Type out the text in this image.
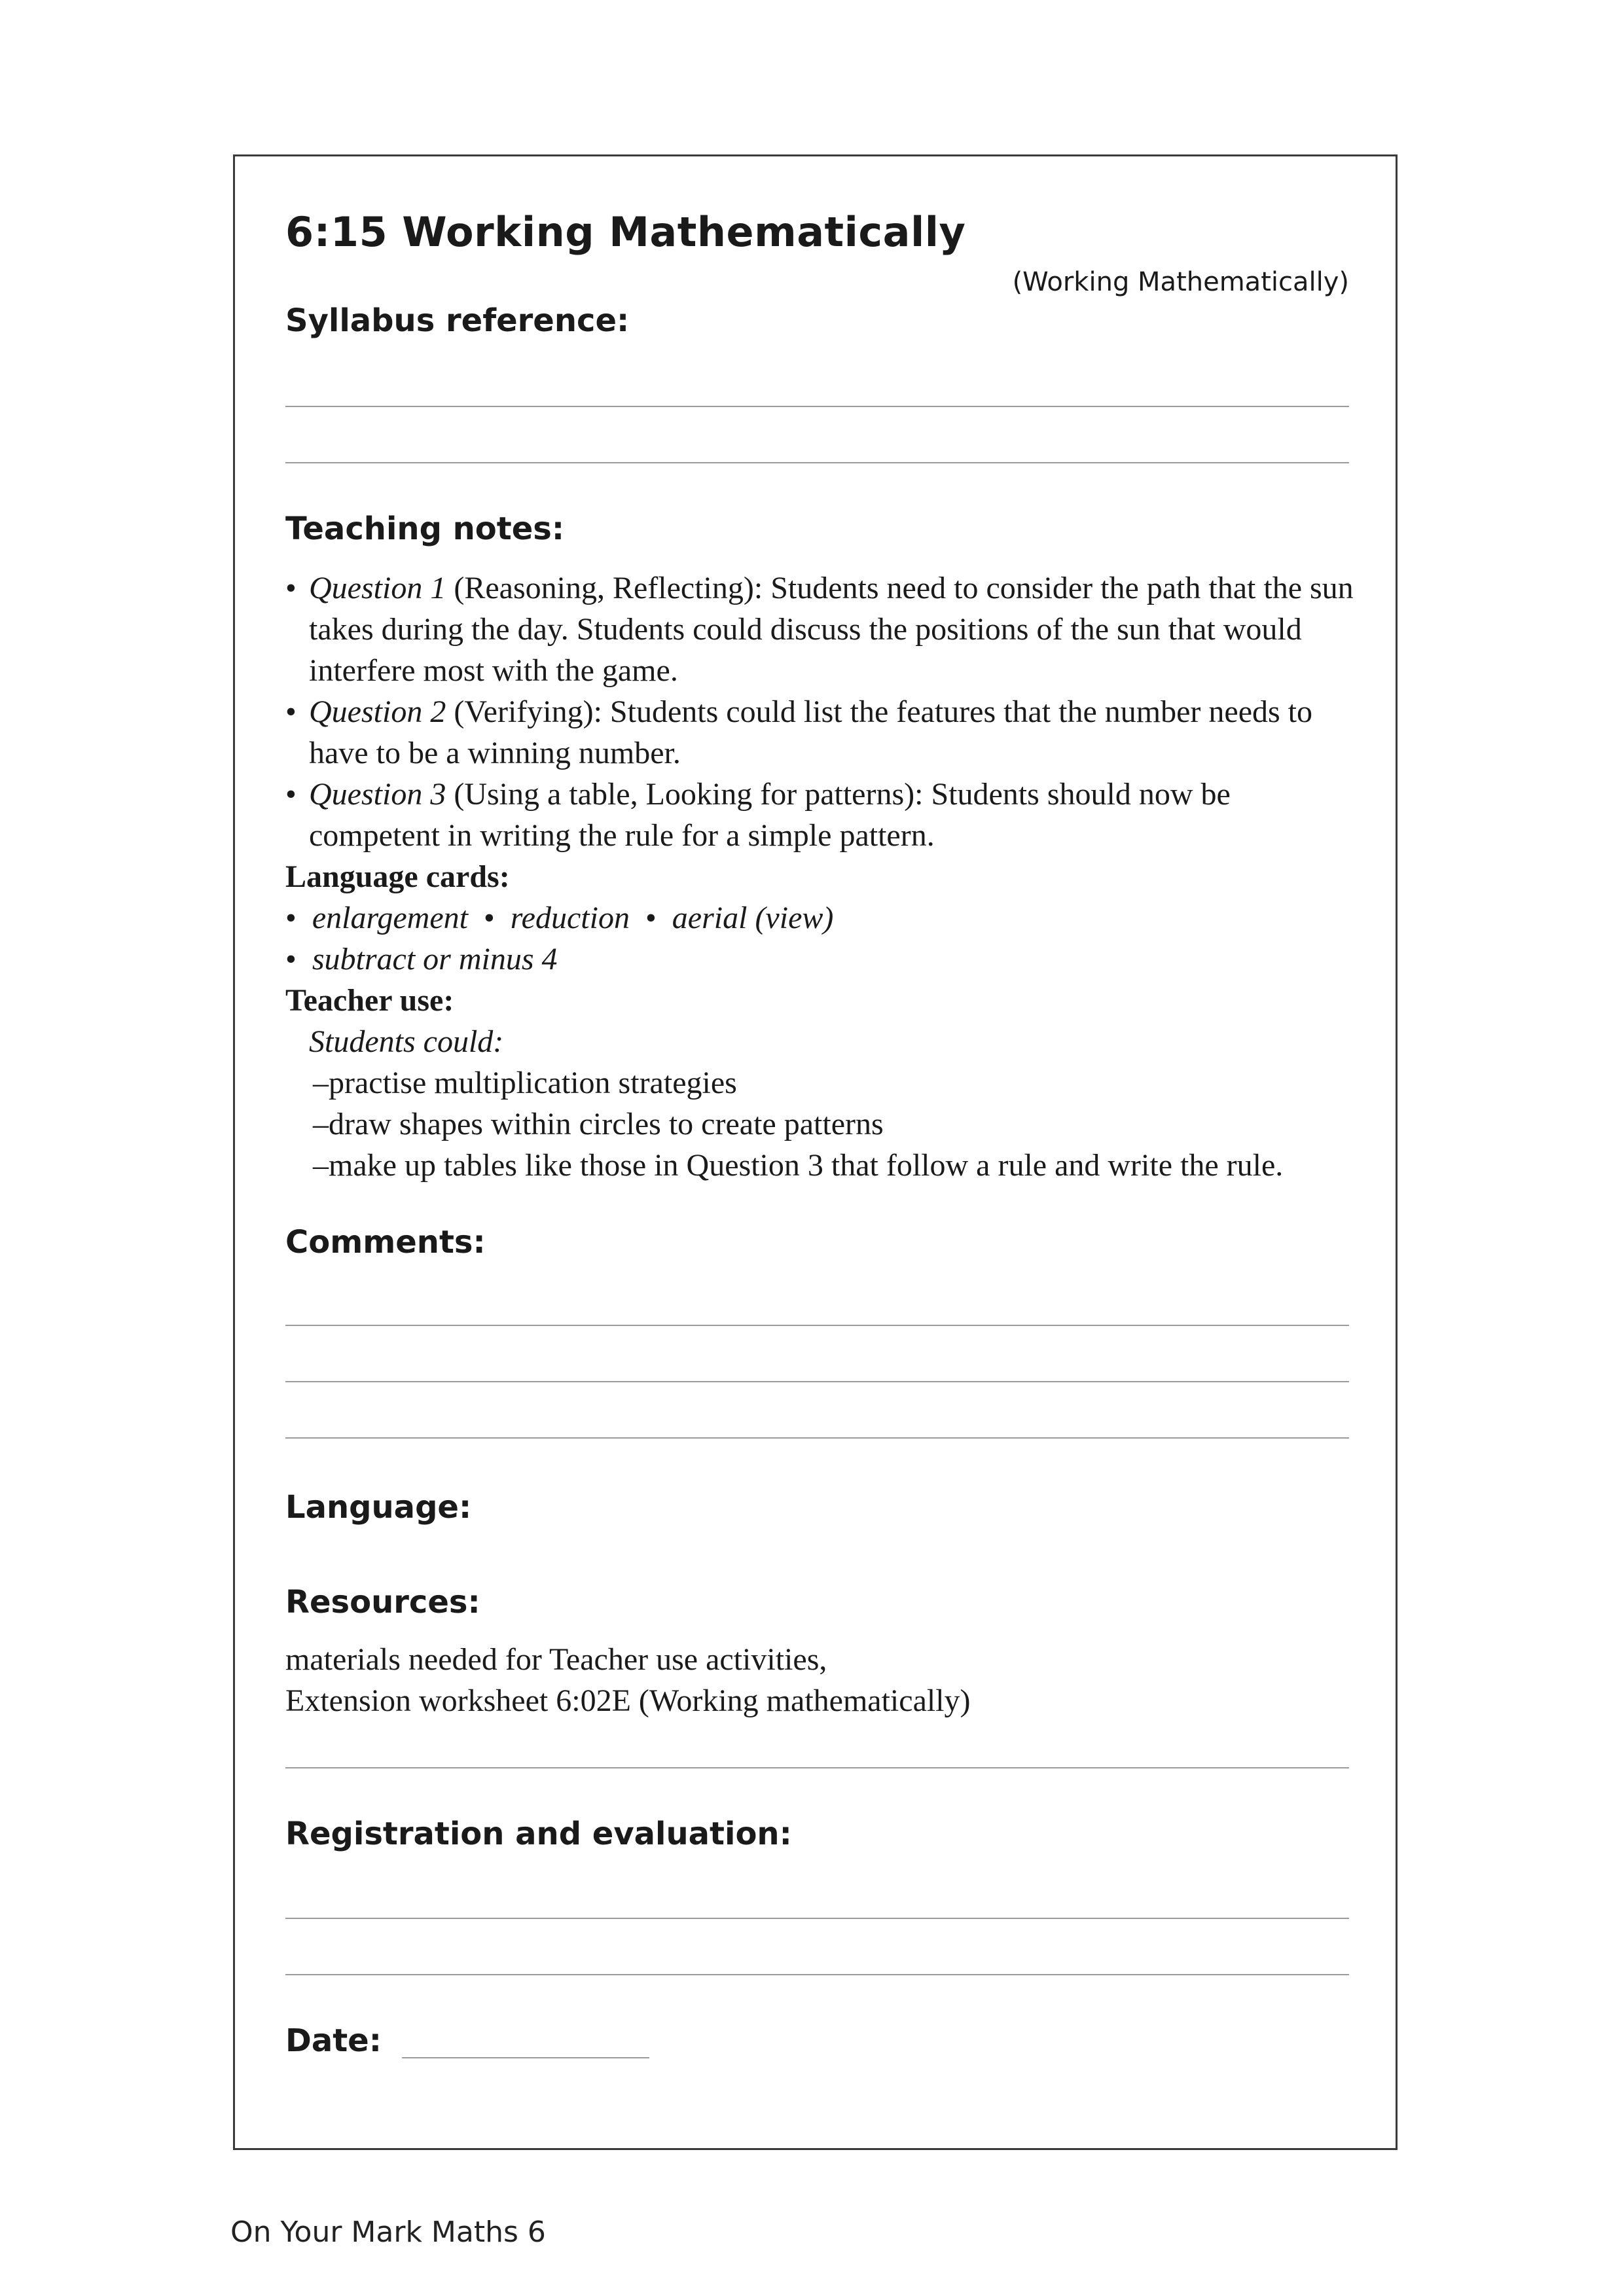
6:15 Working Mathematically
(Working Mathematically)
Syllabus reference:
Teaching notes:
• Question 1 (Reasoning, Reflecting): Students need to consider the path that the sun takes during the day. Students could discuss the positions of the sun that would interfere most with the game.
• Question 2 (Verifying): Students could list the features that the number needs to have to be a winning number.
• Question 3 (Using a table, Looking for patterns): Students should now be competent in writing the rule for a simple pattern.
Language cards:
• enlargement • reduction • aerial (view)
• subtract or minus 4
Teacher use:
Students could:
–practise multiplication strategies
–draw shapes within circles to create patterns
–make up tables like those in Question 3 that follow a rule and write the rule.
Comments:
Language:
Resources:
materials needed for Teacher use activities,
Extension worksheet 6:02E (Working mathematically)
Registration and evaluation:
Date:
On Your Mark Maths 6
